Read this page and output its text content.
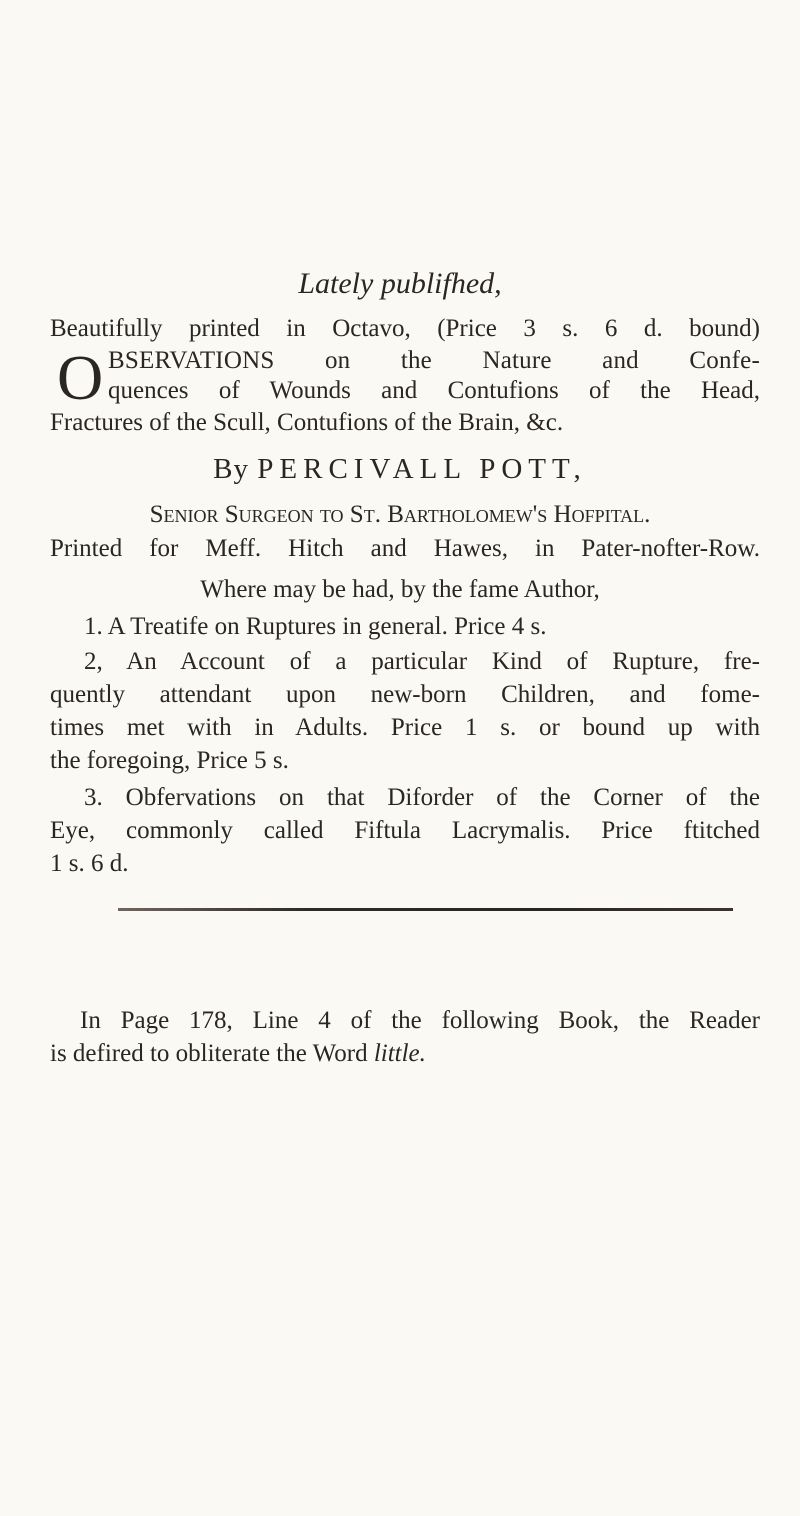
Lately publifhed,
Beautifully printed in Octavo, (Price 3 s. 6 d. bound)
O BSERVATIONS on the Nature and Confe-
quences of Wounds and Contufions of the Head,
Fractures of the Scull, Contufions of the Brain, &c.
By PERCIVALL POTT,
Senior Surgeon to St. Bartholomew's Hofpital.
Printed for Meff. Hitch and Hawes, in Pater-nofter-Row.
Where may be had, by the fame Author,
1. A Treatife on Ruptures in general. Price 4 s.
2, An Account of a particular Kind of Rupture, fre-
quently attendant upon new-born Children, and fome-
times met with in Adults. Price 1 s. or bound up with
the foregoing, Price 5 s.
3. Obfervations on that Diforder of the Corner of the
Eye, commonly called Fiftula Lacrymalis. Price ftitched
1 s. 6 d.
In Page 178, Line 4 of the following Book, the Reader
is defired to obliterate the Word little.
